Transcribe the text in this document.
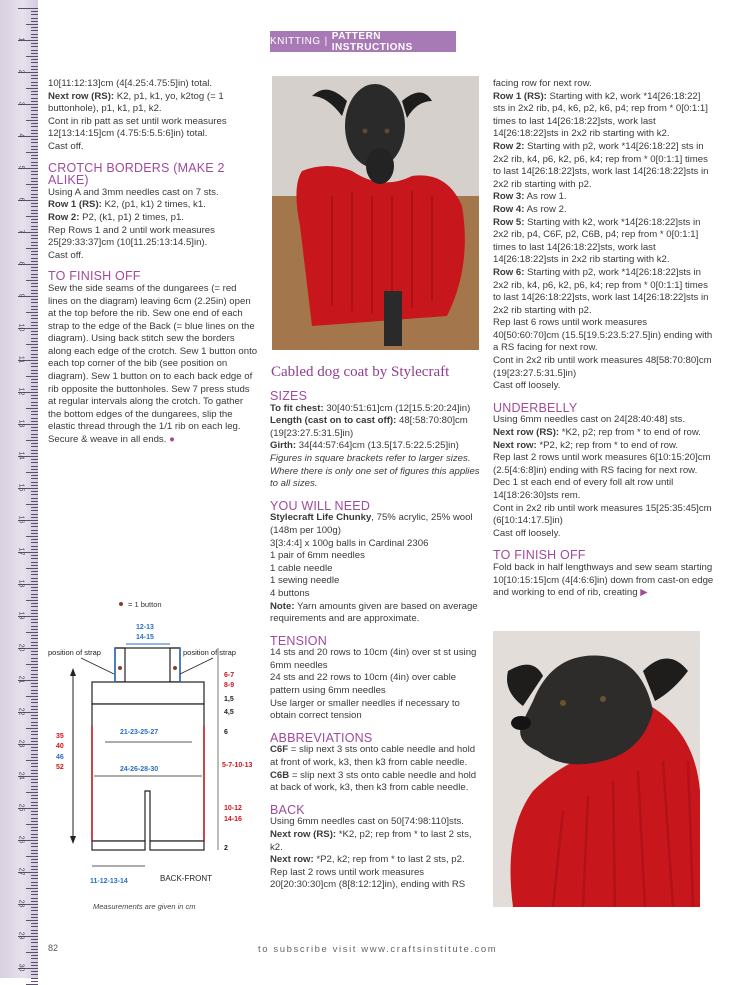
1
2
3
4
5
6
7
8
9
10
11
12
13
14
15
16
17
18
19
20
21
22
23
24
25
26
27
28
29
30
KNITTING | PATTERN INSTRUCTIONS

10[11:12:13]cm (4[4.25:4.75:5]in) total.

Next row (RS): K2, p1, k1, yo, k2tog (= 1 buttonhole), p1, k1, p1, k2.

Cont in rib patt as set until work measures 12[13:14:15]cm (4.75:5:5.5:6]in) total.

Cast off.

CROTCH BORDERS (MAKE 2 ALIKE)

Using A and 3mm needles cast on 7 sts.

Row 1 (RS): K2, (p1, k1) 2 times, k1.

Row 2: P2, (k1, p1) 2 times, p1.

Rep Rows 1 and 2 until work measures 25[29:33:37]cm (10[11.25:13:14.5]in).

Cast off.

TO FINISH OFF

Sew the side seams of the dungarees (= red lines on the diagram) leaving 6cm (2.25in) open at the top before the rib. Sew one end of each strap to the edge of the Back (= blue lines on the diagram). Using back stitch sew the borders along each edge of the crotch. Sew 1 button onto each top corner of the bib (see position on diagram). Sew 1 button on to each back edge of rib opposite the buttonholes. Sew 7 press studs at regular intervals along the crotch. To gather the bottom edges of the dungarees, slip the elastic thread through the 1/1 rib on each leg. Secure & weave in all ends. ●

= 1 button
position of strap	position of strap
12-13
14-15
6-7
8-9
1,5
4,5
6
5-7-10-13
10-12
14-16
2
21-23-25-27
24-26-28-30
35
40
46
52
11-12-13-14	BACK-FRONT
Measurements are given in cm
Cabled dog coat by Stylecraft
SIZES

To fit chest: 30[40:51:61]cm (12[15.5:20:24]in)

Length (cast on to cast off): 48[:58:70:80]cm (19[23:27.5:31.5]in)

Girth: 34[44:57:64]cm (13.5[17.5:22.5:25]in)

Figures in square brackets refer to larger sizes. Where there is only one set of figures this applies to all sizes.

YOU WILL NEED

Stylecraft Life Chunky, 75% acrylic, 25% wool (148m per 100g)

3[3:4:4] x 100g balls in Cardinal 2306

1 pair of 6mm needles

1 cable needle

1 sewing needle

4 buttons

Note: Yarn amounts given are based on average requirements and are approximate.

TENSION

14 sts and 20 rows to 10cm (4in) over st st using 6mm needles

24 sts and 22 rows to 10cm (4in) over cable pattern using 6mm needles

Use larger or smaller needles if necessary to obtain correct tension

ABBREVIATIONS

C6F = slip next 3 sts onto cable needle and hold at front of work, k3, then k3 from cable needle.

C6B = slip next 3 sts onto cable needle and hold at back of work, k3, then k3 from cable needle.

BACK

Using 6mm needles cast on 50[74:98:110]sts.

Next row (RS): *K2, p2; rep from * to last 2 sts, k2.

Next row: *P2, k2; rep from * to last 2 sts, p2.

Rep last 2 rows until work measures 20[20:30:30]cm (8[8:12:12]in), ending with RS

facing row for next row.

Row 1 (RS): Starting with k2, work *14[26:18:22] sts in 2x2 rib, p4, k6, p2, k6, p4; rep from * 0[0:1:1] times to last 14[26:18:22]sts, work last 14[26:18:22]sts in 2x2 rib starting with k2.

Row 2: Starting with p2, work *14[26:18:22] sts in 2x2 rib, k4, p6, k2, p6, k4; rep from * 0[0:1:1] times to last 14[26:18:22]sts, work last 14[26:18:22]sts in 2x2 rib starting with p2.

Row 3: As row 1.

Row 4: As row 2.

Row 5: Starting with k2, work *14[26:18:22]sts in 2x2 rib, p4, C6F, p2, C6B, p4; rep from * 0[0:1:1] times to last 14[26:18:22]sts, work last 14[26:18:22]sts in 2x2 rib starting with k2.

Row 6: Starting with p2, work *14[26:18:22]sts in 2x2 rib, k4, p6, k2, p6, k4; rep from * 0[0:1:1] times to last 14[26:18:22]sts, work last 14[26:18:22]sts in 2x2 rib starting with p2.

Rep last 6 rows until work measures 40[50:60:70]cm (15.5[19.5:23.5:27.5]in) ending with a RS facing for next row.

Cont in 2x2 rib until work measures 48[58:70:80]cm (19[23:27.5:31.5]in)

Cast off loosely.

UNDERBELLY

Using 6mm needles cast on 24[28:40:48] sts.

Next row (RS): *K2, p2; rep from * to end of row.

Next row: *P2, k2; rep from * to end of row.

Rep last 2 rows until work measures 6[10:15:20]cm (2.5[4:6:8]in) ending with RS facing for next row.

Dec 1 st each end of every foll alt row until 14[18:26:30]sts rem.

Cont in 2x2 rib until work measures 15[25:35:45]cm (6[10:14:17.5]in)

Cast off loosely.

TO FINISH OFF

Fold back in half lengthways and sew seam starting 10[10:15:15]cm (4[4:6:6]in) down from cast-on edge and working to end of rib, creating ▶

82	to subscribe visit www.craftsinstitute.com
